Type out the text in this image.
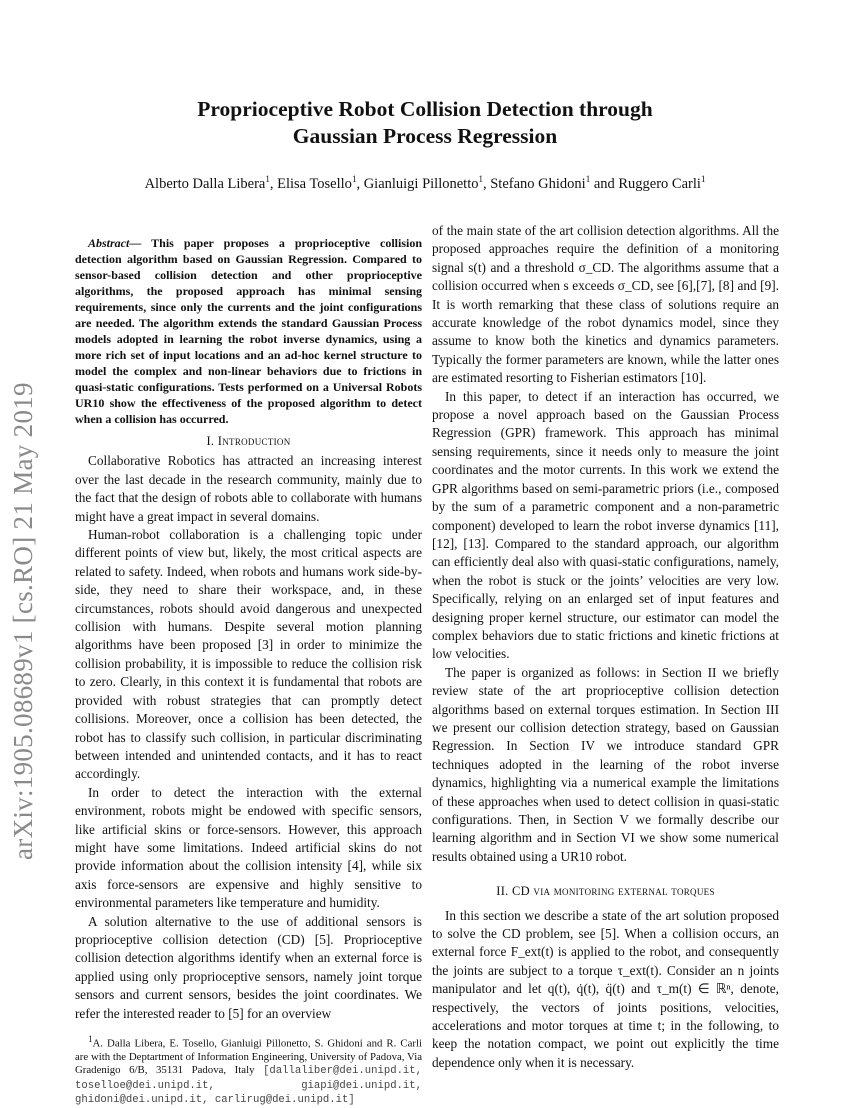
arXiv:1905.08689v1 [cs.RO] 21 May 2019
Proprioceptive Robot Collision Detection through
Gaussian Process Regression
Alberto Dalla Libera$^1$, Elisa Tosello$^1$, Gianluigi Pillonetto$^1$, Stefano Ghidoni$^1$ and Ruggero Carli$^1$

Abstract— This paper proposes a proprioceptive collision detection algorithm based on Gaussian Regression. Compared to sensor-based collision detection and other proprioceptive algorithms, the proposed approach has minimal sensing requirements, since only the currents and the joint configurations are needed. The algorithm extends the standard Gaussian Process models adopted in learning the robot inverse dynamics, using a more rich set of input locations and an ad-hoc kernel structure to model the complex and non-linear behaviors due to frictions in quasi-static configurations. Tests performed on a Universal Robots UR10 show the effectiveness of the proposed algorithm to detect when a collision has occurred.

I. Introduction

Collaborative Robotics has attracted an increasing interest over the last decade in the research community, mainly due to the fact that the design of robots able to collaborate with humans might have a great impact in several domains.

Human-robot collaboration is a challenging topic under different points of view but, likely, the most critical aspects are related to safety. Indeed, when robots and humans work side-by-side, they need to share their workspace, and, in these circumstances, robots should avoid dangerous and unexpected collision with humans. Despite several motion planning algorithms have been proposed [3] in order to minimize the collision probability, it is impossible to reduce the collision risk to zero. Clearly, in this context it is fundamental that robots are provided with robust strategies that can promptly detect collisions. Moreover, once a collision has been detected, the robot has to classify such collision, in particular discriminating between intended and unintended contacts, and it has to react accordingly.

In order to detect the interaction with the external environment, robots might be endowed with specific sensors, like artificial skins or force-sensors. However, this approach might have some limitations. Indeed artificial skins do not provide information about the collision intensity [4], while six axis force-sensors are expensive and highly sensitive to environmental parameters like temperature and humidity.

A solution alternative to the use of additional sensors is proprioceptive collision detection (CD) [5]. Proprioceptive collision detection algorithms identify when an external force is applied using only proprioceptive sensors, namely joint torque sensors and current sensors, besides the joint coordinates. We refer the interested reader to [5] for an overview

$^1$A. Dalla Libera, E. Tosello, Gianluigi Pillonetto, S. Ghidoni and R. Carli are with the Deptartment of Information Engineering, University of Padova, Via Gradenigo 6/B, 35131 Padova, Italy [dallaliber@dei.unipd.it, toselloe@dei.unipd.it, giapi@dei.unipd.it, ghidoni@dei.unipd.it, carlirug@dei.unipd.it]

of the main state of the art collision detection algorithms. All the proposed approaches require the definition of a monitoring signal s(t) and a threshold σ_CD. The algorithms assume that a collision occurred when s exceeds σ_CD, see [6],[7], [8] and [9]. It is worth remarking that these class of solutions require an accurate knowledge of the robot dynamics model, since they assume to know both the kinetics and dynamics parameters. Typically the former parameters are known, while the latter ones are estimated resorting to Fisherian estimators [10].

In this paper, to detect if an interaction has occurred, we propose a novel approach based on the Gaussian Process Regression (GPR) framework. This approach has minimal sensing requirements, since it needs only to measure the joint coordinates and the motor currents. In this work we extend the GPR algorithms based on semi-parametric priors (i.e., composed by the sum of a parametric component and a non-parametric component) developed to learn the robot inverse dynamics [11], [12], [13]. Compared to the standard approach, our algorithm can efficiently deal also with quasi-static configurations, namely, when the robot is stuck or the joints’ velocities are very low. Specifically, relying on an enlarged set of input features and designing proper kernel structure, our estimator can model the complex behaviors due to static frictions and kinetic frictions at low velocities.

The paper is organized as follows: in Section II we briefly review state of the art proprioceptive collision detection algorithms based on external torques estimation. In Section III we present our collision detection strategy, based on Gaussian Regression. In Section IV we introduce standard GPR techniques adopted in the learning of the robot inverse dynamics, highlighting via a numerical example the limitations of these approaches when used to detect collision in quasi-static configurations. Then, in Section V we formally describe our learning algorithm and in Section VI we show some numerical results obtained using a UR10 robot.

II. CD via monitoring external torques

In this section we describe a state of the art solution proposed to solve the CD problem, see [5]. When a collision occurs, an external force F_ext(t) is applied to the robot, and consequently the joints are subject to a torque τ_ext(t). Consider an n joints manipulator and let q(t), q̇(t), q̈(t) and τ_m(t) ∈ ℝⁿ, denote, respectively, the vectors of joints positions, velocities, accelerations and motor torques at time t; in the following, to keep the notation compact, we point out explicitly the time dependence only when it is necessary.
